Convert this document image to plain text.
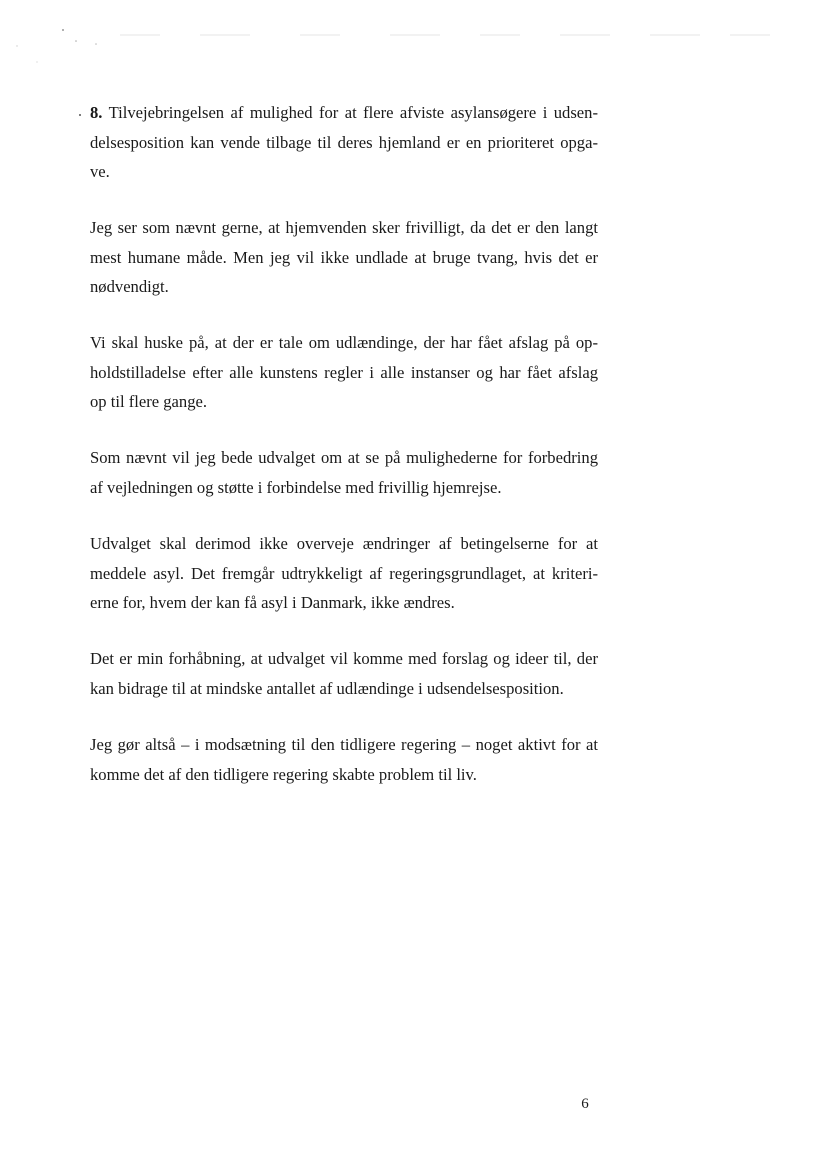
8. Tilvejebringelsen af mulighed for at flere afviste asylansøgere i udsen-
delsesposition kan vende tilbage til deres hjemland er en prioriteret opga-
ve.
Jeg ser som nævnt gerne, at hjemvenden sker frivilligt, da det er den langt
mest humane måde. Men jeg vil ikke undlade at bruge tvang, hvis det er
nødvendigt.
Vi skal huske på, at der er tale om udlændinge, der har fået afslag på op-
holdstilladelse efter alle kunstens regler i alle instanser og har fået afslag
op til flere gange.
Som nævnt vil jeg bede udvalget om at se på mulighederne for forbedring
af vejledningen og støtte i forbindelse med frivillig hjemrejse.
Udvalget skal derimod ikke overveje ændringer af betingelserne for at
meddele asyl. Det fremgår udtrykkeligt af regeringsgrundlaget, at kriteri-
erne for, hvem der kan få asyl i Danmark, ikke ændres.
Det er min forhåbning, at udvalget vil komme med forslag og ideer til, der
kan bidrage til at mindske antallet af udlændinge i udsendelsesposition.
Jeg gør altså – i modsætning til den tidligere regering – noget aktivt for at
komme det af den tidligere regering skabte problem til liv.
6
